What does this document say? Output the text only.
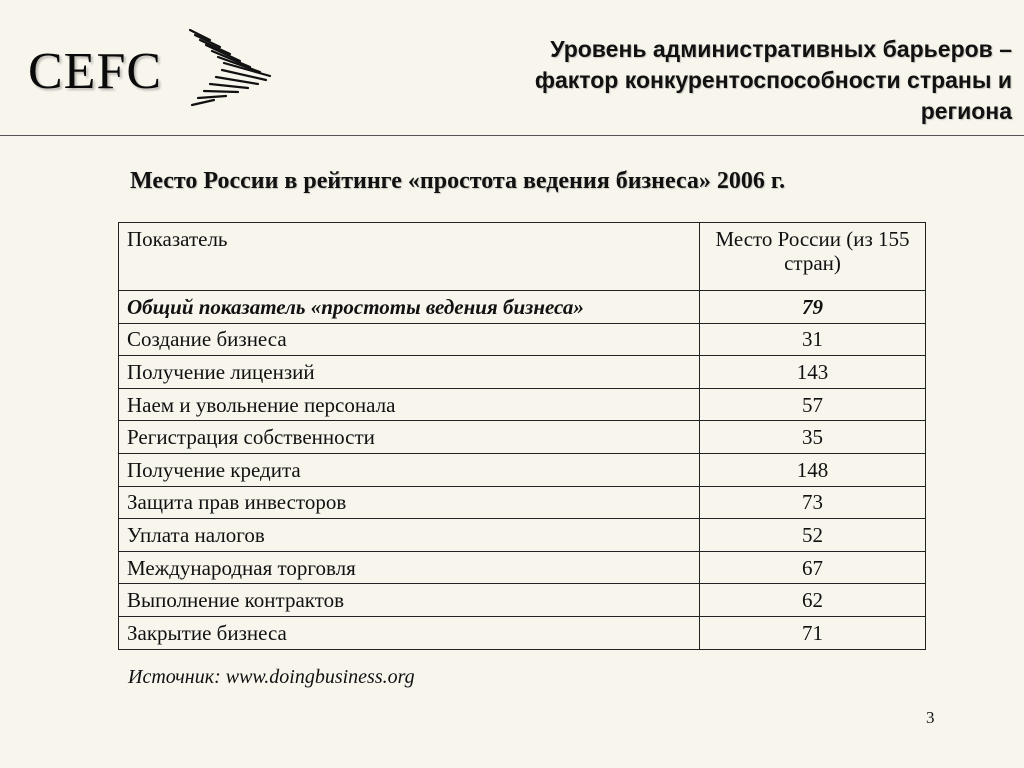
CEFC	Уровень административных барьеров –
фактор конкурентоспособности страны и
региона
Место России в рейтинге «простота ведения бизнеса» 2006 г.
Показатель	Место России (из 155 стран)
Общий показатель «простоты ведения бизнеса»	79
Создание бизнеса	31
Получение лицензий	143
Наем и увольнение персонала	57
Регистрация собственности	35
Получение кредита	148
Защита прав инвесторов	73
Уплата налогов	52
Международная торговля	67
Выполнение контрактов	62
Закрытие бизнеса	71
Источник: www.doingbusiness.org
3
